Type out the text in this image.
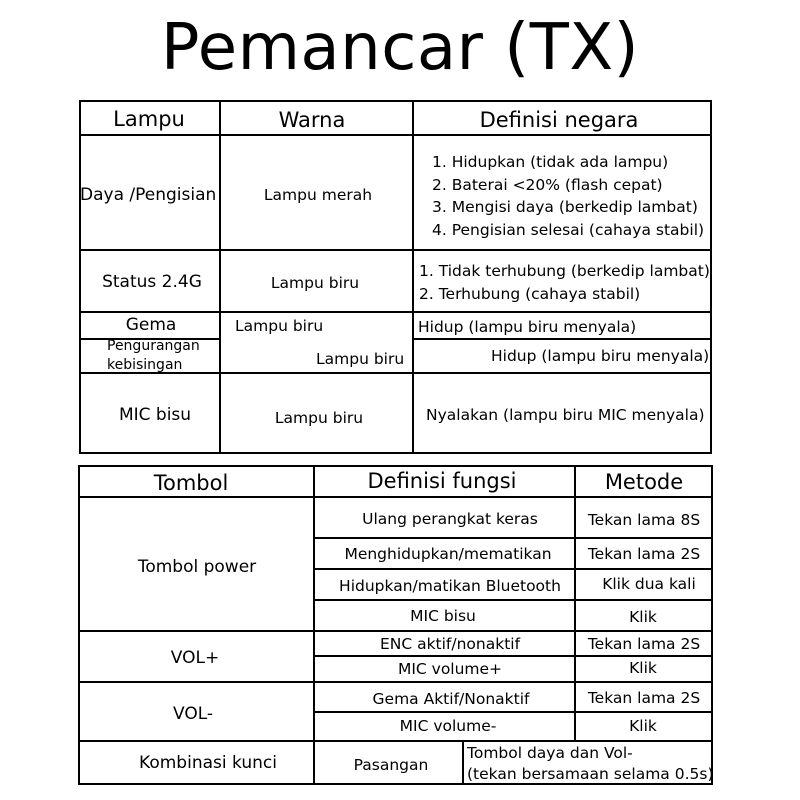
Pemancar (TX)
Lampu	Warna	Definisi negara
Daya /Pengisian	Lampu merah
1. Hidupkan (tidak ada lampu)
2. Baterai <20% (flash cepat)
3. Mengisi daya (berkedip lambat)
4. Pengisian selesai (cahaya stabil)
Status 2.4G	Lampu biru
1. Tidak terhubung (berkedip lambat)
2. Terhubung (cahaya stabil)
Gema	Lampu biru	Hidup (lampu biru menyala)
Pengurangan
kebisingan	Lampu biru	Hidup (lampu biru menyala)
MIC bisu	Lampu biru	Nyalakan (lampu biru MIC menyala)
Tombol	Definisi fungsi	Metode
Tombol power
Ulang perangkat keras	Tekan lama 8S
Menghidupkan/mematikan Tekan lama 2S
Hidupkan/matikan Bluetooth	Klik dua kali
MIC bisu	Klik
VOL+
ENC aktif/nonaktif	Tekan lama 2S
MIC volume+	Klik
VOL-
Gema Aktif/Nonaktif	Tekan lama 2S
MIC volume-	Klik
Kombinasi kunci	Pasangan
Tombol daya dan Vol-
(tekan bersamaan selama 0.5s)
